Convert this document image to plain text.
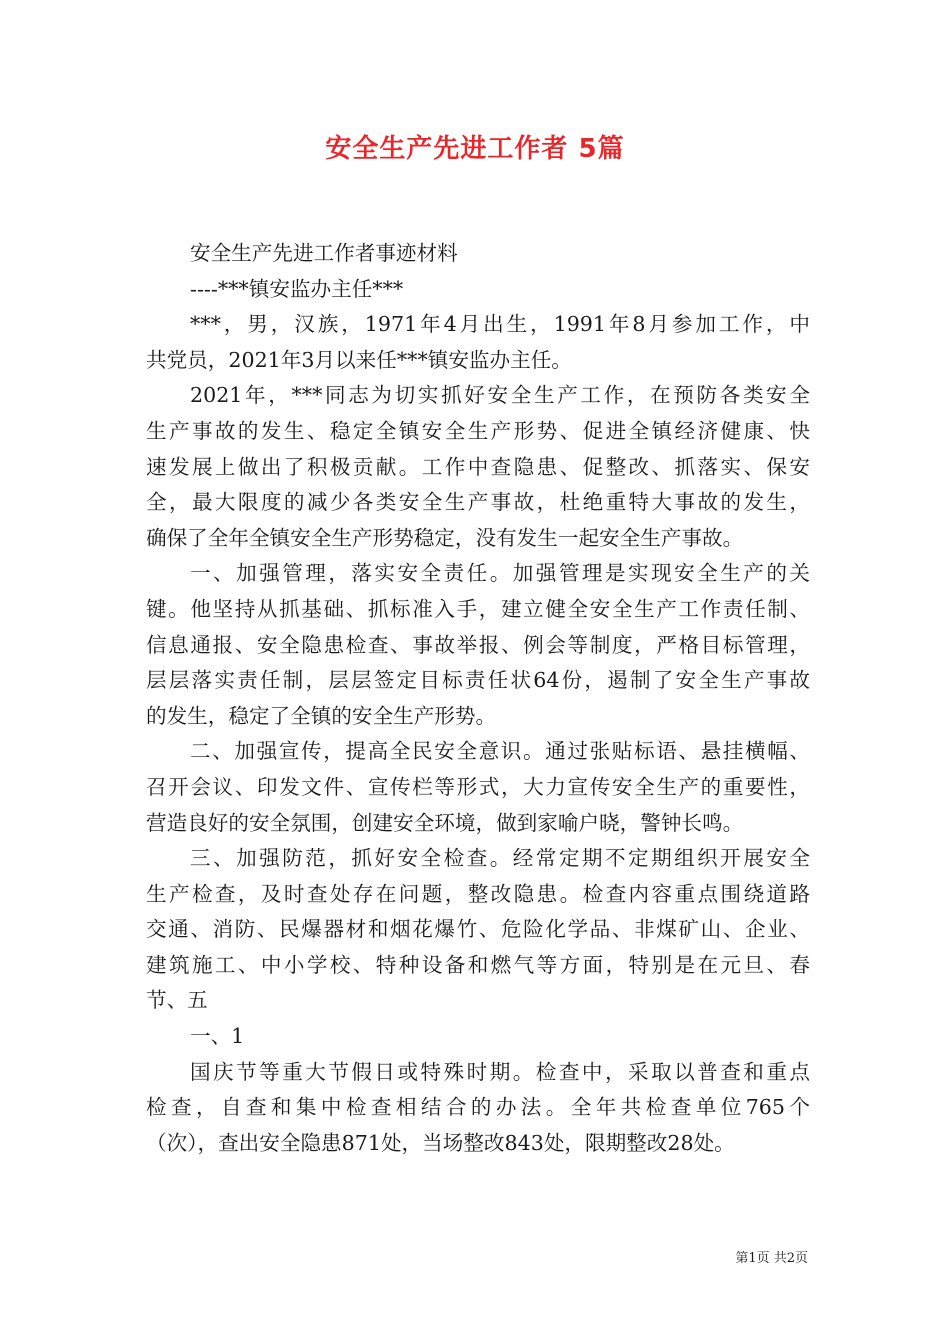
安全生产先进工作者 5篇
安全生产先进工作者事迹材料
----***镇安监办主任***
***，男，汉族，1971年4月出生，1991年8月参加工作，中
共党员，2021年3月以来任***镇安监办主任。
2021年，***同志为切实抓好安全生产工作，在预防各类安全
生产事故的发生、稳定全镇安全生产形势、促进全镇经济健康、快
速发展上做出了积极贡献。工作中查隐患、促整改、抓落实、保安
全，最大限度的减少各类安全生产事故，杜绝重特大事故的发生，
确保了全年全镇安全生产形势稳定，没有发生一起安全生产事故。
一、加强管理，落实安全责任。加强管理是实现安全生产的关
键。他坚持从抓基础、抓标准入手，建立健全安全生产工作责任制、
信息通报、安全隐患检查、事故举报、例会等制度，严格目标管理，
层层落实责任制，层层签定目标责任状64份，遏制了安全生产事故
的发生，稳定了全镇的安全生产形势。
二、加强宣传，提高全民安全意识。通过张贴标语、悬挂横幅、
召开会议、印发文件、宣传栏等形式，大力宣传安全生产的重要性，
营造良好的安全氛围，创建安全环境，做到家喻户晓，警钟长鸣。
三、加强防范，抓好安全检查。经常定期不定期组织开展安全
生产检查，及时查处存在问题，整改隐患。检查内容重点围绕道路
交通、消防、民爆器材和烟花爆竹、危险化学品、非煤矿山、企业、
建筑施工、中小学校、特种设备和燃气等方面，特别是在元旦、春
节、五
一、1
国庆节等重大节假日或特殊时期。检查中，采取以普查和重点
检查，自查和集中检查相结合的办法。全年共检查单位765个
（次），查出安全隐患871处，当场整改843处，限期整改28处。
第1页 共2页
